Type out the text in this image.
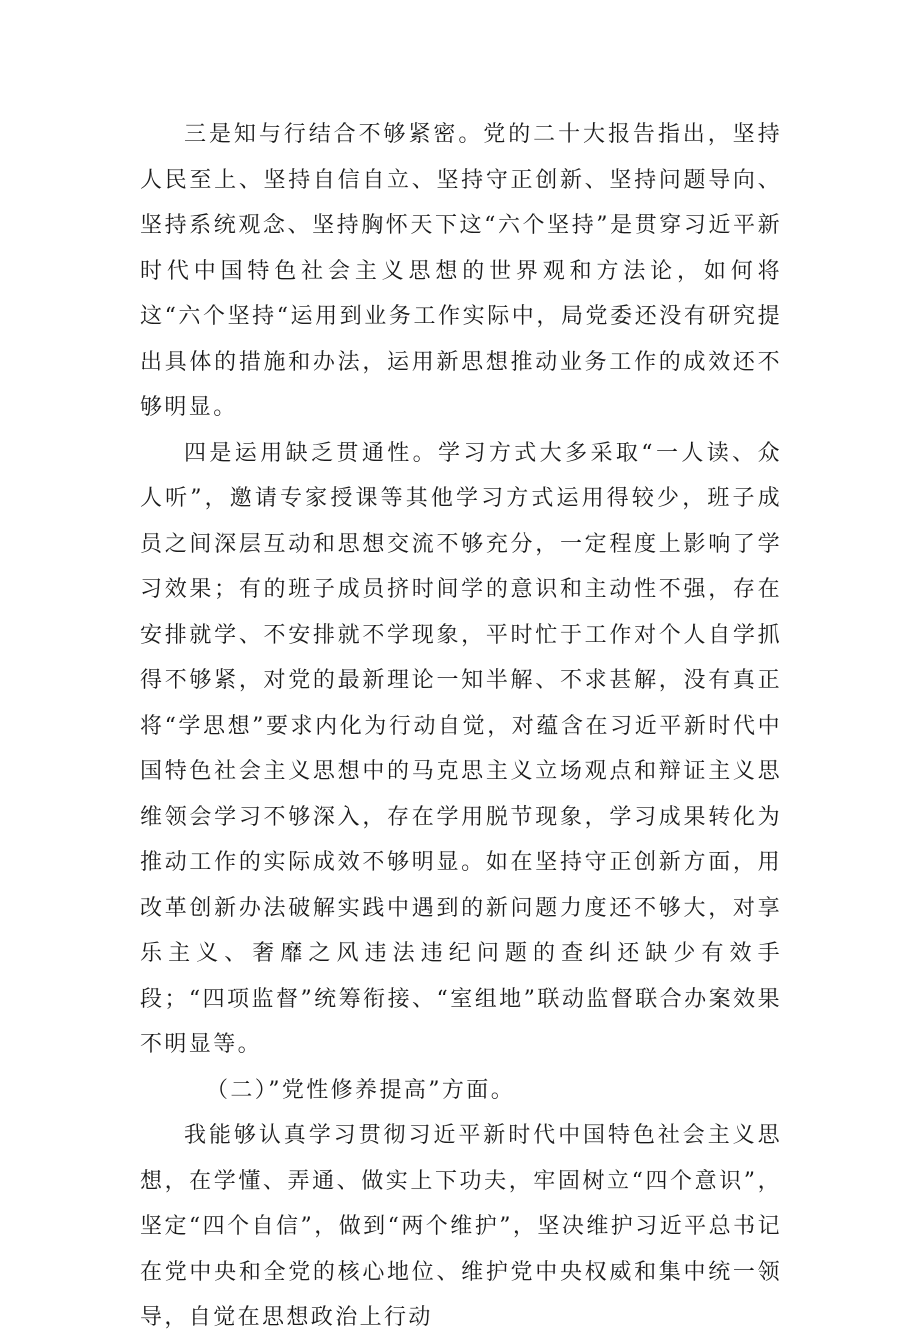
三是知与行结合不够紧密。党的二十大报告指出，坚持人民至上、坚持自信自立、坚持守正创新、坚持问题导向、坚持系统观念、坚持胸怀天下这“六个坚持”是贯穿习近平新时代中国特色社会主义思想的世界观和方法论，如何将这“六个坚持“运用到业务工作实际中，局党委还没有研究提出具体的措施和办法，运用新思想推动业务工作的成效还不够明显。

四是运用缺乏贯通性。学习方式大多采取“一人读、众人听”，邀请专家授课等其他学习方式运用得较少，班子成员之间深层互动和思想交流不够充分，一定程度上影响了学习效果；有的班子成员挤时间学的意识和主动性不强，存在安排就学、不安排就不学现象，平时忙于工作对个人自学抓得不够紧，对党的最新理论一知半解、不求甚解，没有真正将“学思想”要求内化为行动自觉，对蕴含在习近平新时代中国特色社会主义思想中的马克思主义立场观点和辩证主义思维领会学习不够深入，存在学用脱节现象，学习成果转化为推动工作的实际成效不够明显。如在坚持守正创新方面，用改革创新办法破解实践中遇到的新问题力度还不够大，对享乐主义、奢靡之风违法违纪问题的查纠还缺少有效手段；“四项监督”统筹衔接、“室组地”联动监督联合办案效果不明显等。

（二）”党性修养提高”方面。

我能够认真学习贯彻习近平新时代中国特色社会主义思想，在学懂、弄通、做实上下功夫，牢固树立“四个意识”，坚定“四个自信”，做到“两个维护”，坚决维护习近平总书记在党中央和全党的核心地位、维护党中央权威和集中统一领导，自觉在思想政治上行动
